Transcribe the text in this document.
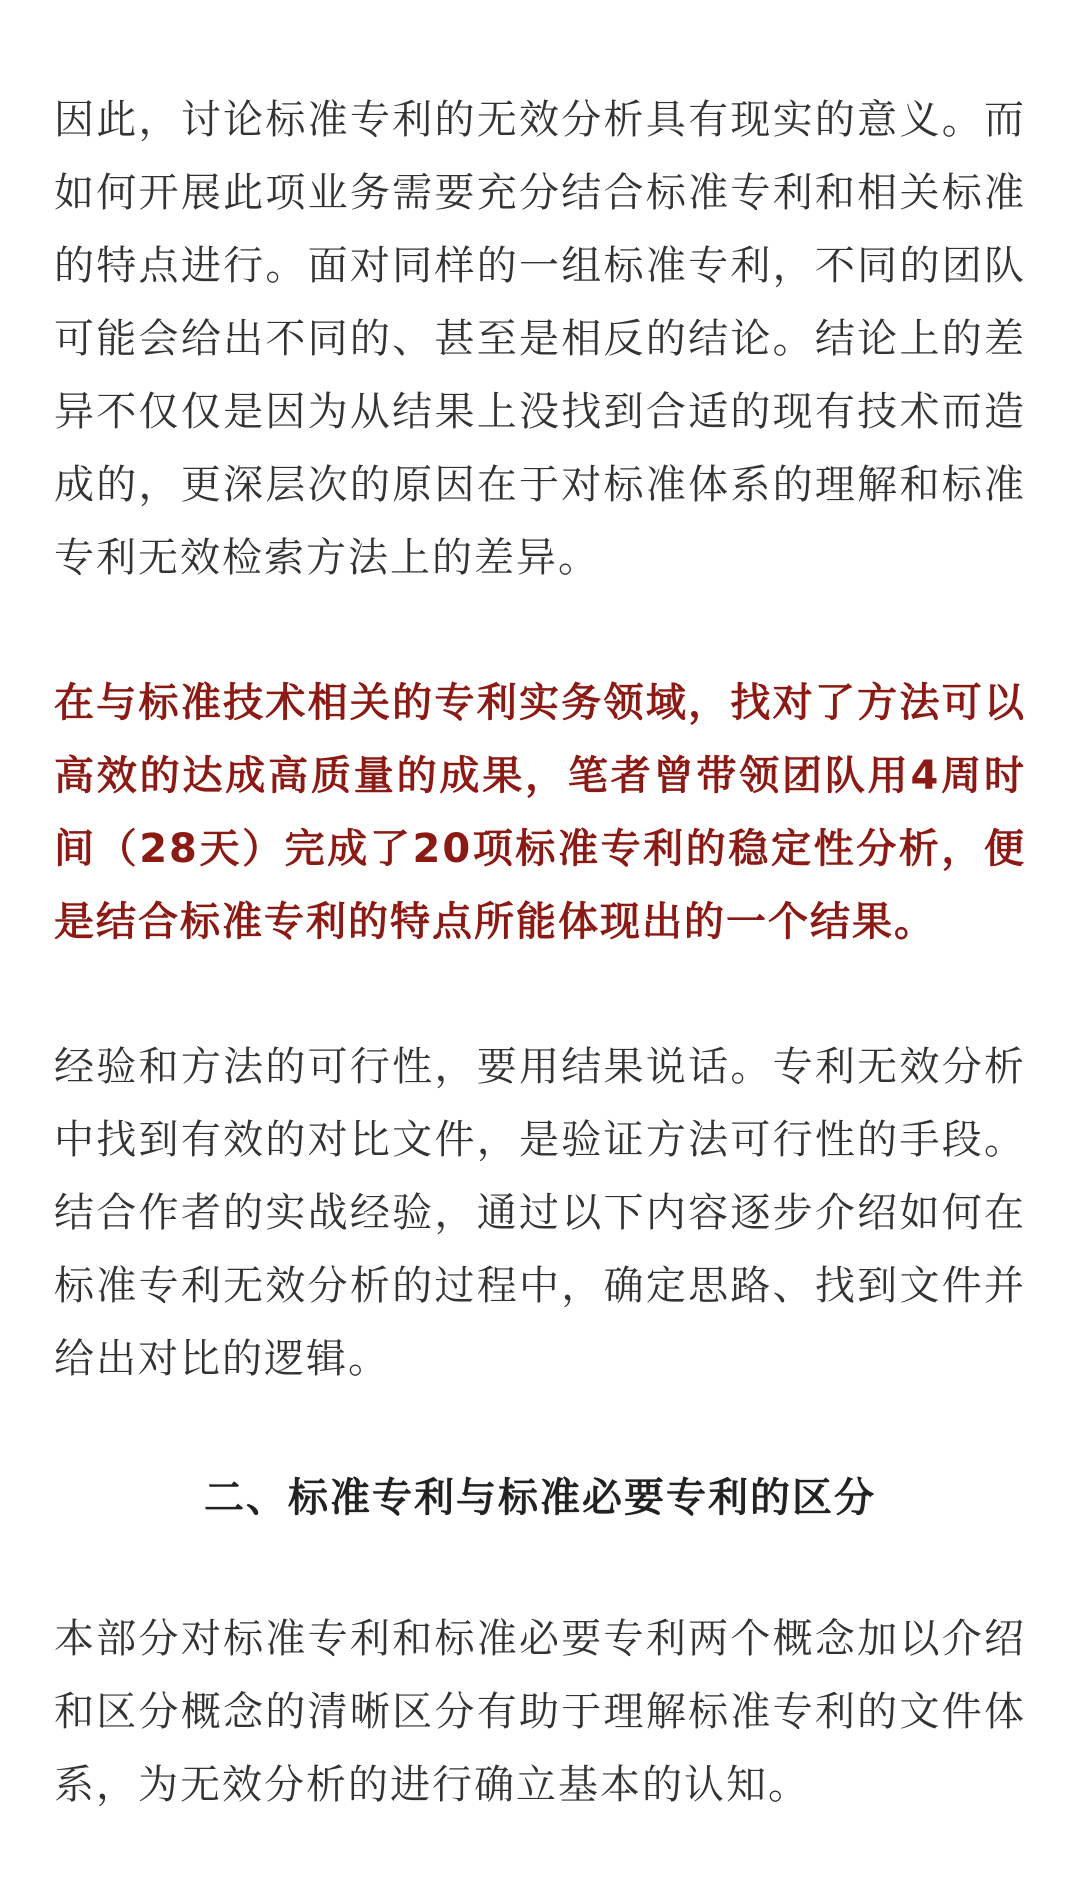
因此，讨论标准专利的无效分析具有现实的意义。而如何开展此项业务需要充分结合标准专利和相关标准的特点进行。面对同样的一组标准专利，不同的团队可能会给出不同的、甚至是相反的结论。结论上的差异不仅仅是因为从结果上没找到合适的现有技术而造成的，更深层次的原因在于对标准体系的理解和标准专利无效检索方法上的差异。

在与标准技术相关的专利实务领域，找对了方法可以高效的达成高质量的成果，笔者曾带领团队用4周时间（28天）完成了20项标准专利的稳定性分析，便是结合标准专利的特点所能体现出的一个结果。

经验和方法的可行性，要用结果说话。专利无效分析中找到有效的对比文件，是验证方法可行性的手段。结合作者的实战经验，通过以下内容逐步介绍如何在标准专利无效分析的过程中，确定思路、找到文件并给出对比的逻辑。

二、标准专利与标准必要专利的区分

本部分对标准专利和标准必要专利两个概念加以介绍和区分概念的清晰区分有助于理解标准专利的文件体系，为无效分析的进行确立基本的认知。
